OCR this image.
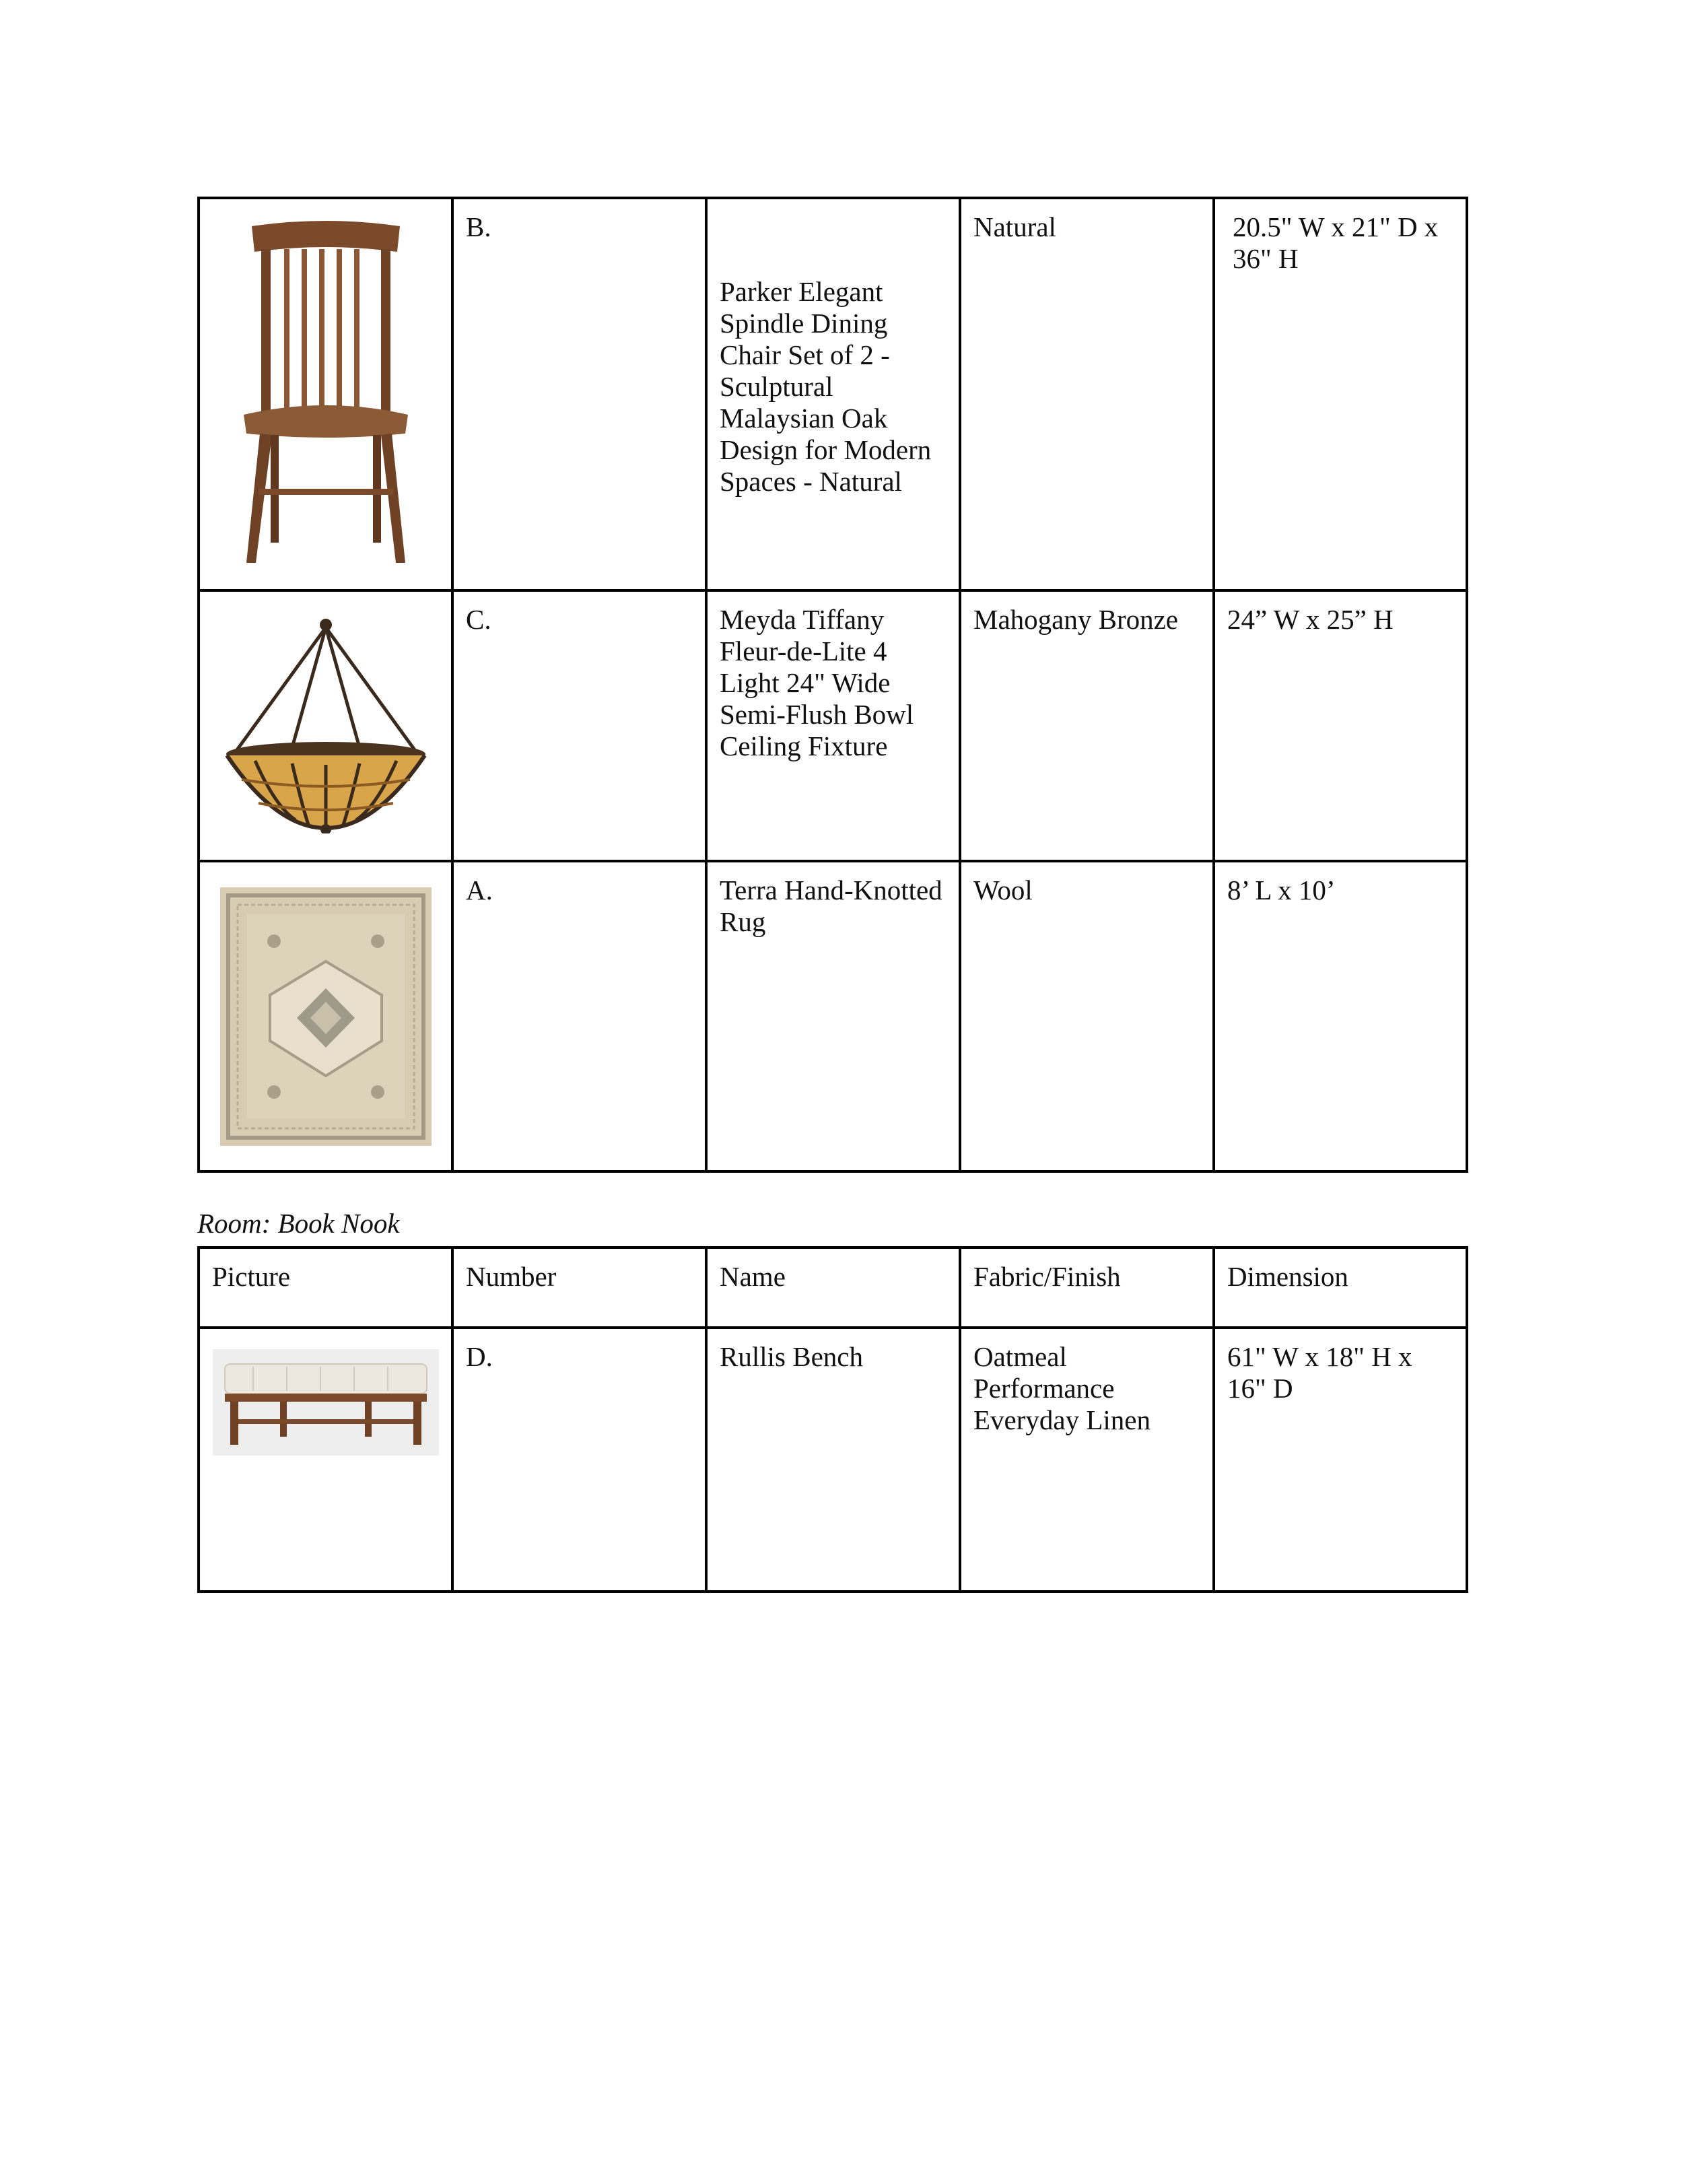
	B.	Parker Elegant Spindle Dining Chair Set of 2 - Sculptural Malaysian Oak Design for Modern Spaces - Natural	Natural	20.5" W x 21" D x 36" H

	C.	Meyda Tiffany Fleur-de-Lite 4 Light 24" Wide Semi-Flush Bowl Ceiling Fixture	Mahogany Bronze	24” W x 25” H

	A.	Terra Hand-Knotted Rug	Wool	8’ L x 10’
Room: Book Nook
Picture	Number	Name	Fabric/Finish	Dimension

	D.	Rullis Bench	Oatmeal Performance Everyday Linen	61" W x 18" H x 16" D
